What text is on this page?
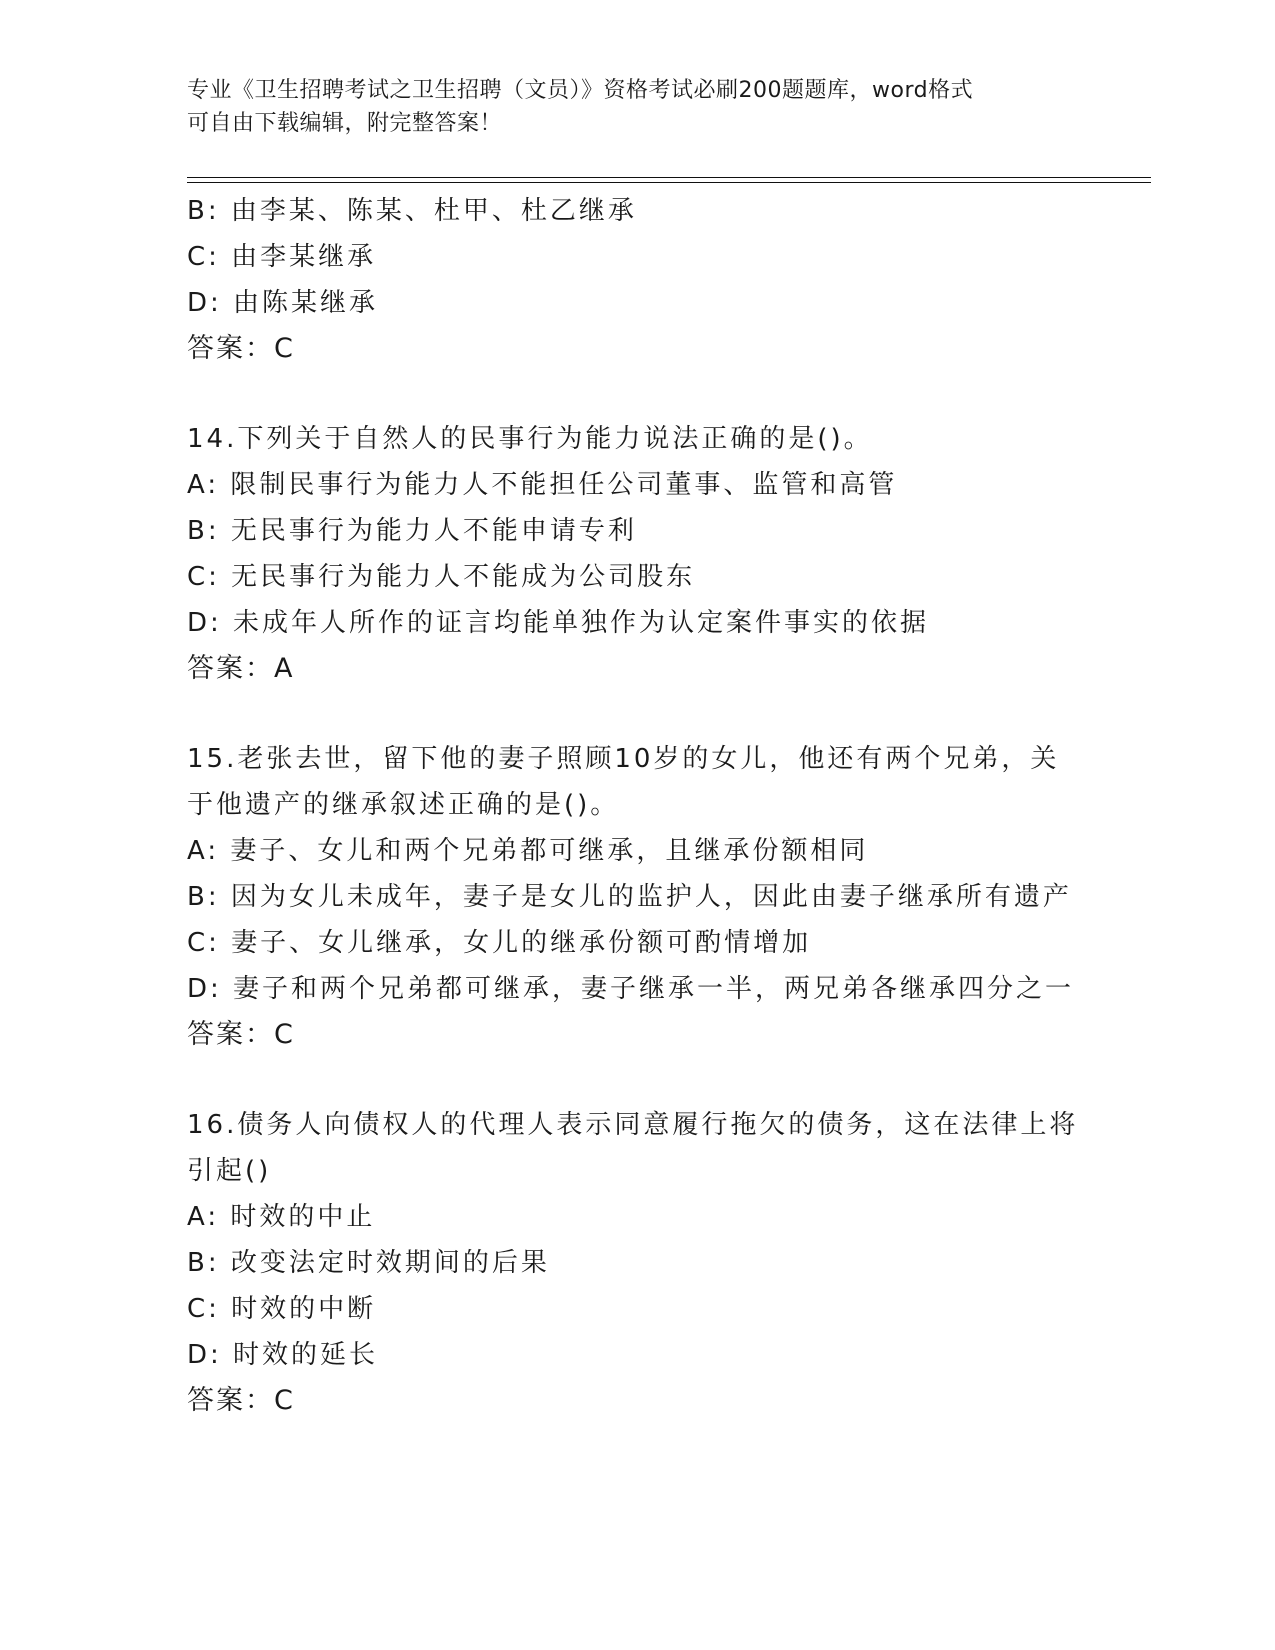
专业《卫生招聘考试之卫生招聘（文员）》资格考试必刷200题题库，word格式
可自由下载编辑，附完整答案！
B: 由李某、陈某、杜甲、杜乙继承
C: 由李某继承
D: 由陈某继承
答案：C
14.下列关于自然人的民事行为能力说法正确的是()。
A: 限制民事行为能力人不能担任公司董事、监管和高管
B: 无民事行为能力人不能申请专利
C: 无民事行为能力人不能成为公司股东
D: 未成年人所作的证言均能单独作为认定案件事实的依据
答案：A
15.老张去世，留下他的妻子照顾10岁的女儿，他还有两个兄弟，关
于他遗产的继承叙述正确的是()。
A: 妻子、女儿和两个兄弟都可继承，且继承份额相同
B: 因为女儿未成年，妻子是女儿的监护人，因此由妻子继承所有遗产
C: 妻子、女儿继承，女儿的继承份额可酌情增加
D: 妻子和两个兄弟都可继承，妻子继承一半，两兄弟各继承四分之一
答案：C
16.债务人向债权人的代理人表示同意履行拖欠的债务，这在法律上将
引起()
A: 时效的中止
B: 改变法定时效期间的后果
C: 时效的中断
D: 时效的延长
答案：C
